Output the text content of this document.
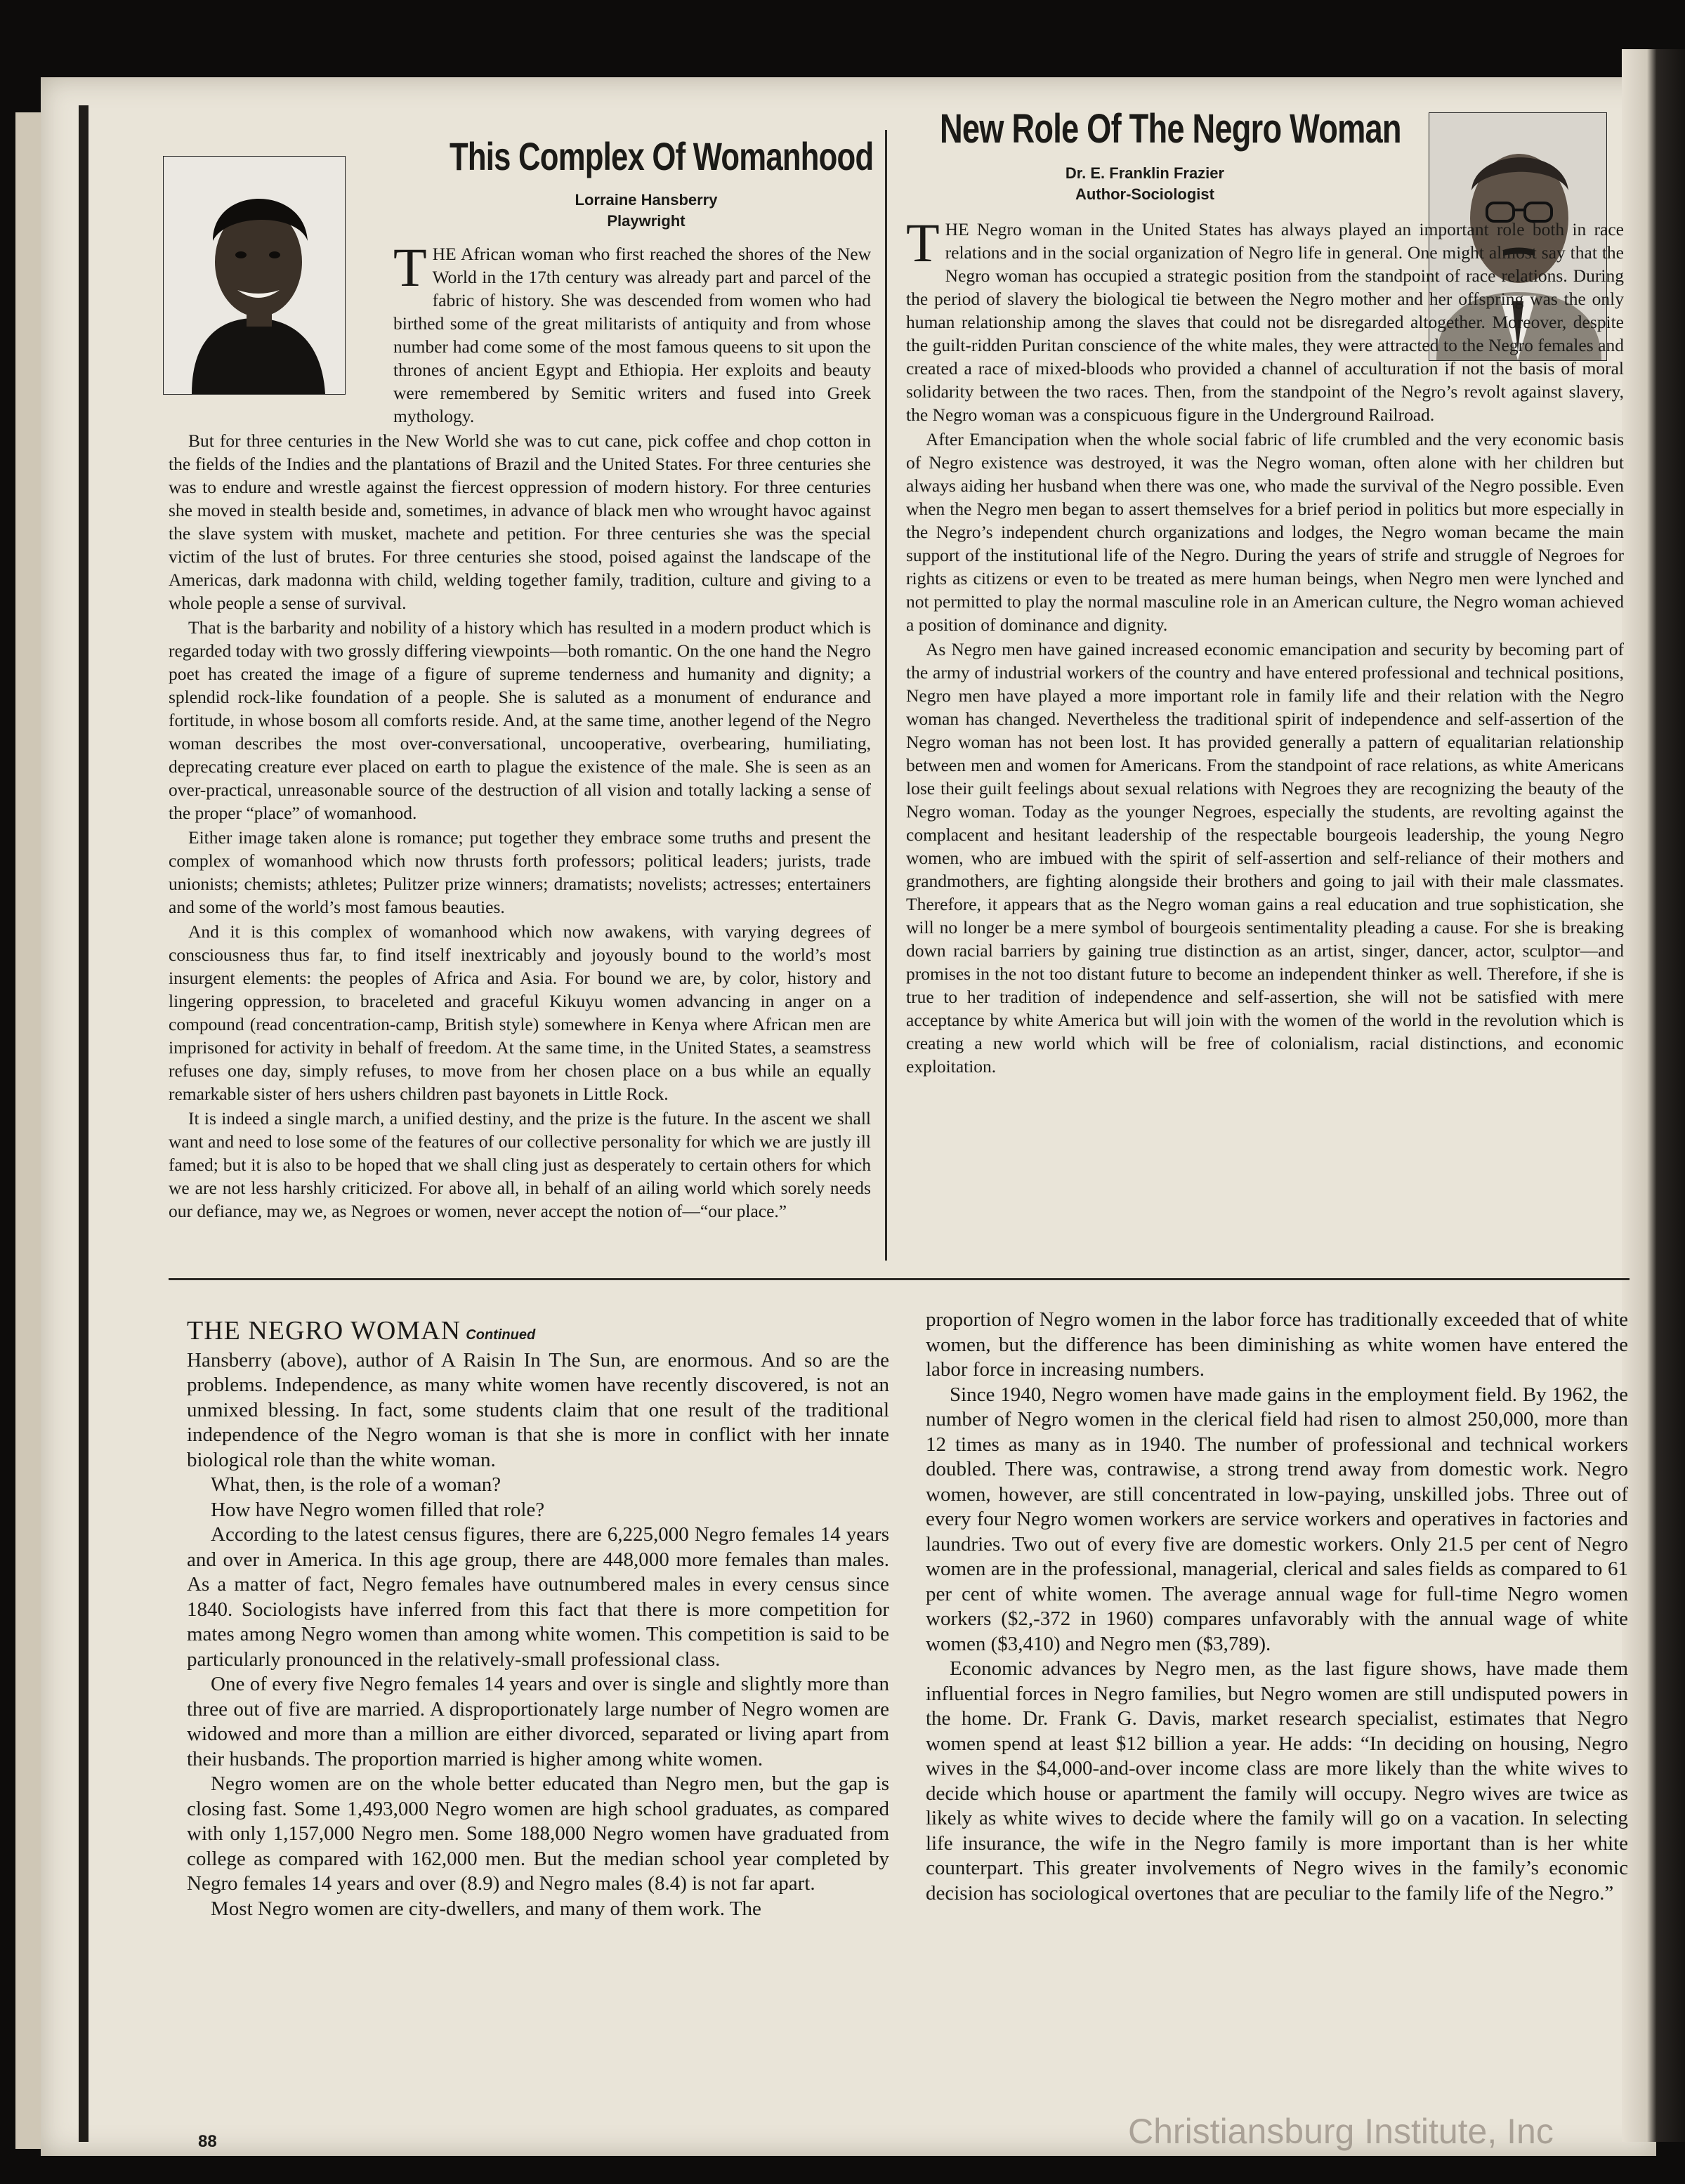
This Complex Of Womanhood
Lorraine Hansberry
Playwright

THE African woman who first reached the shores of the New World in the 17th century was already part and parcel of the fabric of history. She was descended from women who had birthed some of the great militarists of antiquity and from whose number had come some of the most famous queens to sit upon the thrones of ancient Egypt and Ethiopia. Her exploits and beauty were remembered by Semitic writers and fused into Greek mythology.

But for three centuries in the New World she was to cut cane, pick coffee and chop cotton in the fields of the Indies and the plantations of Brazil and the United States. For three centuries she was to endure and wrestle against the fiercest oppression of modern history. For three centuries she moved in stealth beside and, sometimes, in advance of black men who wrought havoc against the slave system with musket, machete and petition. For three centuries she was the special victim of the lust of brutes. For three centuries she stood, poised against the landscape of the Americas, dark madonna with child, welding together family, tradition, culture and giving to a whole people a sense of survival.

That is the barbarity and nobility of a history which has resulted in a modern product which is regarded today with two grossly differing viewpoints—both romantic. On the one hand the Negro poet has created the image of a figure of supreme tenderness and humanity and dignity; a splendid rock-like foundation of a people. She is saluted as a monument of endurance and fortitude, in whose bosom all comforts reside. And, at the same time, another legend of the Negro woman describes the most over-conversational, uncooperative, overbearing, humiliating, deprecating creature ever placed on earth to plague the existence of the male. She is seen as an over-practical, unreasonable source of the destruction of all vision and totally lacking a sense of the proper “place” of womanhood.

Either image taken alone is romance; put together they embrace some truths and present the complex of womanhood which now thrusts forth professors; political leaders; jurists, trade unionists; chemists; athletes; Pulitzer prize winners; dramatists; novelists; actresses; entertainers and some of the world’s most famous beauties.

And it is this complex of womanhood which now awakens, with varying degrees of consciousness thus far, to find itself inextricably and joyously bound to the world’s most insurgent elements: the peoples of Africa and Asia. For bound we are, by color, history and lingering oppression, to braceleted and graceful Kikuyu women advancing in anger on a compound (read concentration-camp, British style) somewhere in Kenya where African men are imprisoned for activity in behalf of freedom. At the same time, in the United States, a seamstress refuses one day, simply refuses, to move from her chosen place on a bus while an equally remarkable sister of hers ushers children past bayonets in Little Rock.

It is indeed a single march, a unified destiny, and the prize is the future. In the ascent we shall want and need to lose some of the features of our collective personality for which we are justly ill famed; but it is also to be hoped that we shall cling just as desperately to certain others for which we are not less harshly criticized. For above all, in behalf of an ailing world which sorely needs our defiance, may we, as Negroes or women, never accept the notion of—“our place.”

New Role Of The Negro Woman
Dr. E. Franklin Frazier
Author-Sociologist

THE Negro woman in the United States has always played an important role both in race relations and in the social organization of Negro life in general. One might almost say that the Negro woman has occupied a strategic position from the standpoint of race relations. During the period of slavery the biological tie between the Negro mother and her offspring was the only human relationship among the slaves that could not be disregarded altogether. Moreover, despite the guilt-ridden Puritan conscience of the white males, they were attracted to the Negro females and created a race of mixed-bloods who provided a channel of acculturation if not the basis of moral solidarity between the two races. Then, from the standpoint of the Negro’s revolt against slavery, the Negro woman was a conspicuous figure in the Underground Railroad.

After Emancipation when the whole social fabric of life crumbled and the very economic basis of Negro existence was destroyed, it was the Negro woman, often alone with her children but always aiding her husband when there was one, who made the survival of the Negro possible. Even when the Negro men began to assert themselves for a brief period in politics but more especially in the Negro’s independent church organizations and lodges, the Negro woman became the main support of the institutional life of the Negro. During the years of strife and struggle of Negroes for rights as citizens or even to be treated as mere human beings, when Negro men were lynched and not permitted to play the normal masculine role in an American culture, the Negro woman achieved a position of dominance and dignity.

As Negro men have gained increased economic emancipation and security by becoming part of the army of industrial workers of the country and have entered professional and technical positions, Negro men have played a more important role in family life and their relation with the Negro woman has changed. Nevertheless the traditional spirit of independence and self-assertion of the Negro woman has not been lost. It has provided generally a pattern of equalitarian relationship between men and women for Americans. From the standpoint of race relations, as white Americans lose their guilt feelings about sexual relations with Negroes they are recognizing the beauty of the Negro woman. Today as the younger Negroes, especially the students, are revolting against the complacent and hesitant leadership of the respectable bourgeois leadership, the young Negro women, who are imbued with the spirit of self-assertion and self-reliance of their mothers and grandmothers, are fighting alongside their brothers and going to jail with their male classmates. Therefore, it appears that as the Negro woman gains a real education and true sophistication, she will no longer be a mere symbol of bourgeois sentimentality pleading a cause. For she is breaking down racial barriers by gaining true distinction as an artist, singer, dancer, actor, sculptor—and promises in the not too distant future to become an independent thinker as well. Therefore, if she is true to her tradition of independence and self-assertion, she will not be satisfied with mere acceptance by white America but will join with the women of the world in the revolution which is creating a new world which will be free of colonialism, racial distinctions, and economic exploitation.

THE NEGRO WOMAN Continued

Hansberry (above), author of A Raisin In The Sun, are enormous. And so are the problems. Independence, as many white women have recently discovered, is not an unmixed blessing. In fact, some students claim that one result of the traditional independence of the Negro woman is that she is more in conflict with her innate biological role than the white woman.

What, then, is the role of a woman?

How have Negro women filled that role?

According to the latest census figures, there are 6,225,000 Negro females 14 years and over in America. In this age group, there are 448,000 more females than males. As a matter of fact, Negro females have outnumbered males in every census since 1840. Sociologists have inferred from this fact that there is more competition for mates among Negro women than among white women. This competition is said to be particularly pronounced in the relatively-small professional class.

One of every five Negro females 14 years and over is single and slightly more than three out of five are married. A disproportionately large number of Negro women are widowed and more than a million are either divorced, separated or living apart from their husbands. The proportion married is higher among white women.

Negro women are on the whole better educated than Negro men, but the gap is closing fast. Some 1,493,000 Negro women are high school graduates, as compared with only 1,157,000 Negro men. Some 188,000 Negro women have graduated from college as compared with 162,000 men. But the median school year completed by Negro females 14 years and over (8.9) and Negro males (8.4) is not far apart.

Most Negro women are city-dwellers, and many of them work. The

proportion of Negro women in the labor force has traditionally exceeded that of white women, but the difference has been diminishing as white women have entered the labor force in increasing numbers.

Since 1940, Negro women have made gains in the employment field. By 1962, the number of Negro women in the clerical field had risen to almost 250,000, more than 12 times as many as in 1940. The number of professional and technical workers doubled. There was, contrawise, a strong trend away from domestic work. Negro women, however, are still concentrated in low-paying, unskilled jobs. Three out of every four Negro women workers are service workers and operatives in factories and laundries. Two out of every five are domestic workers. Only 21.5 per cent of Negro women are in the professional, managerial, clerical and sales fields as compared to 61 per cent of white women. The average annual wage for full-time Negro women workers ($2,-372 in 1960) compares unfavorably with the annual wage of white women ($3,410) and Negro men ($3,789).

Economic advances by Negro men, as the last figure shows, have made them influential forces in Negro families, but Negro women are still undisputed powers in the home. Dr. Frank G. Davis, market research specialist, estimates that Negro women spend at least $12 billion a year. He adds: “In deciding on housing, Negro wives in the $4,000-and-over income class are more likely than the white wives to decide which house or apartment the family will occupy. Negro wives are twice as likely as white wives to decide where the family will go on a vacation. In selecting life insurance, the wife in the Negro family is more important than is her white counterpart. This greater involvements of Negro wives in the family’s economic decision has sociological overtones that are peculiar to the family life of the Negro.”

88	Christiansburg Institute, Inc
